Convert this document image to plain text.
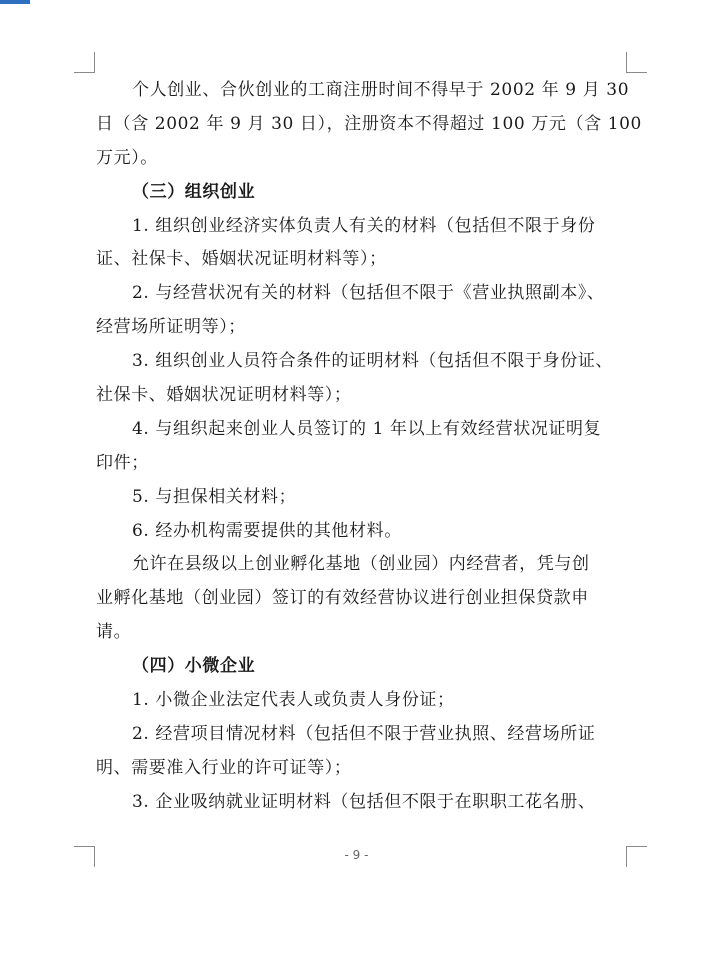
个人创业、合伙创业的工商注册时间不得早于 2002 年 9 月 30
日（含 2002 年 9 月 30 日），注册资本不得超过 100 万元（含 100
万元）。
（三）组织创业
1. 组织创业经济实体负责人有关的材料（包括但不限于身份
证、社保卡、婚姻状况证明材料等）；
2. 与经营状况有关的材料（包括但不限于《营业执照副本》、
经营场所证明等）；
3. 组织创业人员符合条件的证明材料（包括但不限于身份证、
社保卡、婚姻状况证明材料等）；
4. 与组织起来创业人员签订的 1 年以上有效经营状况证明复
印件；
5. 与担保相关材料；
6. 经办机构需要提供的其他材料。
允许在县级以上创业孵化基地（创业园）内经营者，凭与创
业孵化基地（创业园）签订的有效经营协议进行创业担保贷款申
请。
（四）小微企业
1. 小微企业法定代表人或负责人身份证；
2. 经营项目情况材料（包括但不限于营业执照、经营场所证
明、需要准入行业的许可证等）；
3. 企业吸纳就业证明材料（包括但不限于在职职工花名册、
- 9 -
